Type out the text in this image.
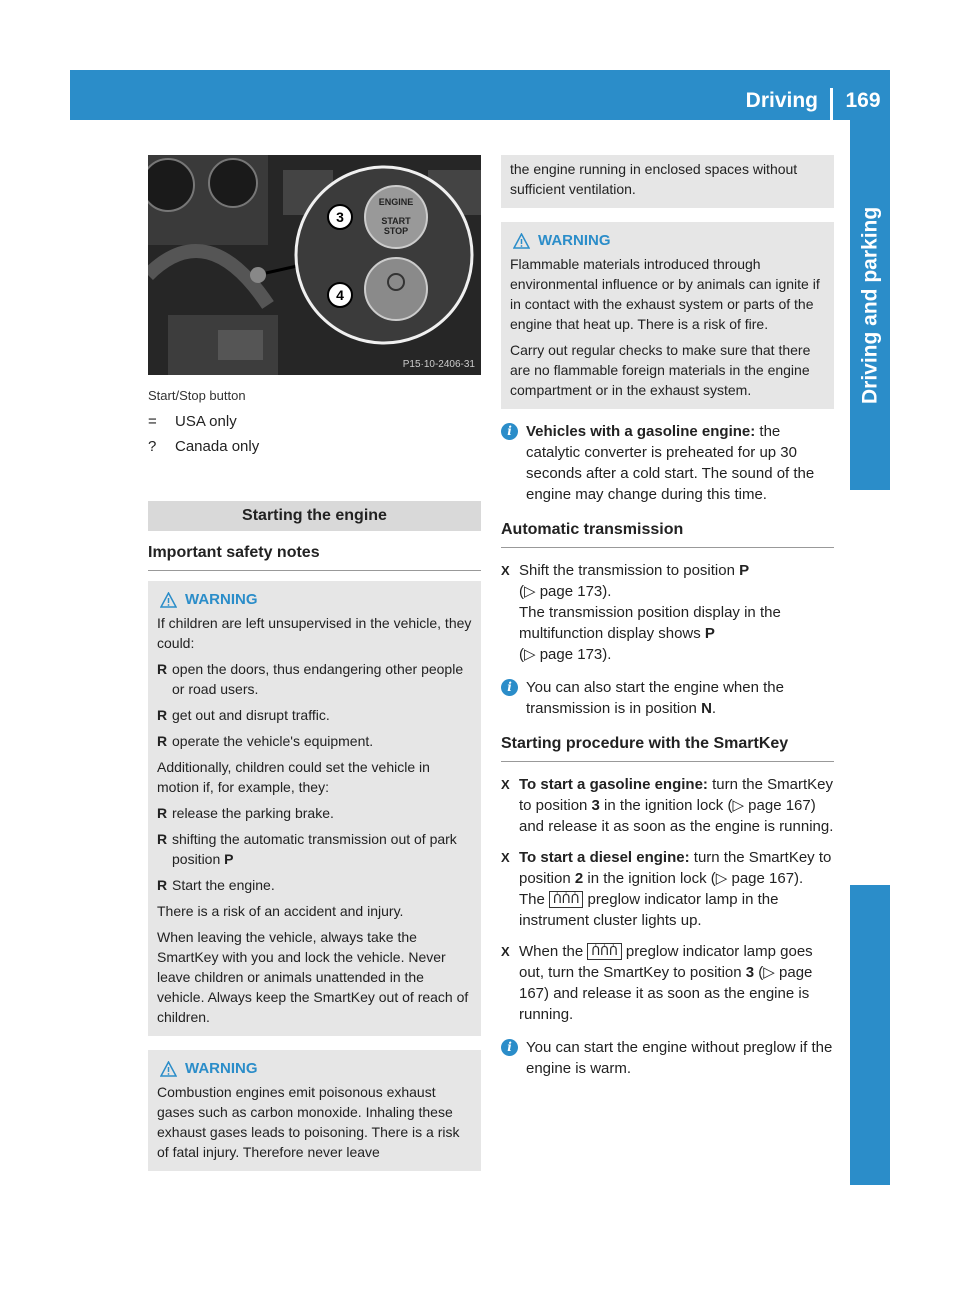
Driving	169
Driving and parking
ENGINE
START
STOP
3
4
P15·10-2406-31
Start/Stop button
=	USA only
?	Canada only
Starting the engine
Important safety notes
WARNING

If children are left unsupervised in the vehicle, they could:

R open the doors, thus endangering other people or road users.
R get out and disrupt traffic.
R operate the vehicle's equipment.

Additionally, children could set the vehicle in motion if, for example, they:

R release the parking brake.
R shifting the automatic transmission out of park position P
R Start the engine.

There is a risk of an accident and injury.

When leaving the vehicle, always take the SmartKey with you and lock the vehicle. Never leave children or animals unattended in the vehicle. Always keep the SmartKey out of reach of children.

WARNING

Combustion engines emit poisonous exhaust gases such as carbon monoxide. Inhaling these exhaust gases leads to poisoning. There is a risk of fatal injury. Therefore never leave

the engine running in enclosed spaces without sufficient ventilation.

WARNING

Flammable materials introduced through environmental influence or by animals can ignite if in contact with the exhaust system or parts of the engine that heat up. There is a risk of fire.

Carry out regular checks to make sure that there are no flammable foreign materials in the engine compartment or in the exhaust system.

i Vehicles with a gasoline engine: the catalytic converter is preheated for up 30 seconds after a cold start. The sound of the engine may change during this time.
Automatic transmission
X Shift the transmission to position P
(▷ page 173).
The transmission position display in the multifunction display shows P
(▷ page 173).
i You can also start the engine when the transmission is in position N.
Starting procedure with the SmartKey
X To start a gasoline engine: turn the SmartKey to position 3 in the ignition lock (▷ page 167) and release it as soon as the engine is running.
X To start a diesel engine: turn the SmartKey to position 2 in the ignition lock (▷ page 167).
The ᑏᑏᑏ preglow indicator lamp in the instrument cluster lights up.
X When the ᑏᑏᑏ preglow indicator lamp goes out, turn the SmartKey to position 3 (▷ page 167) and release it as soon as the engine is running.
i You can start the engine without preglow if the engine is warm.
